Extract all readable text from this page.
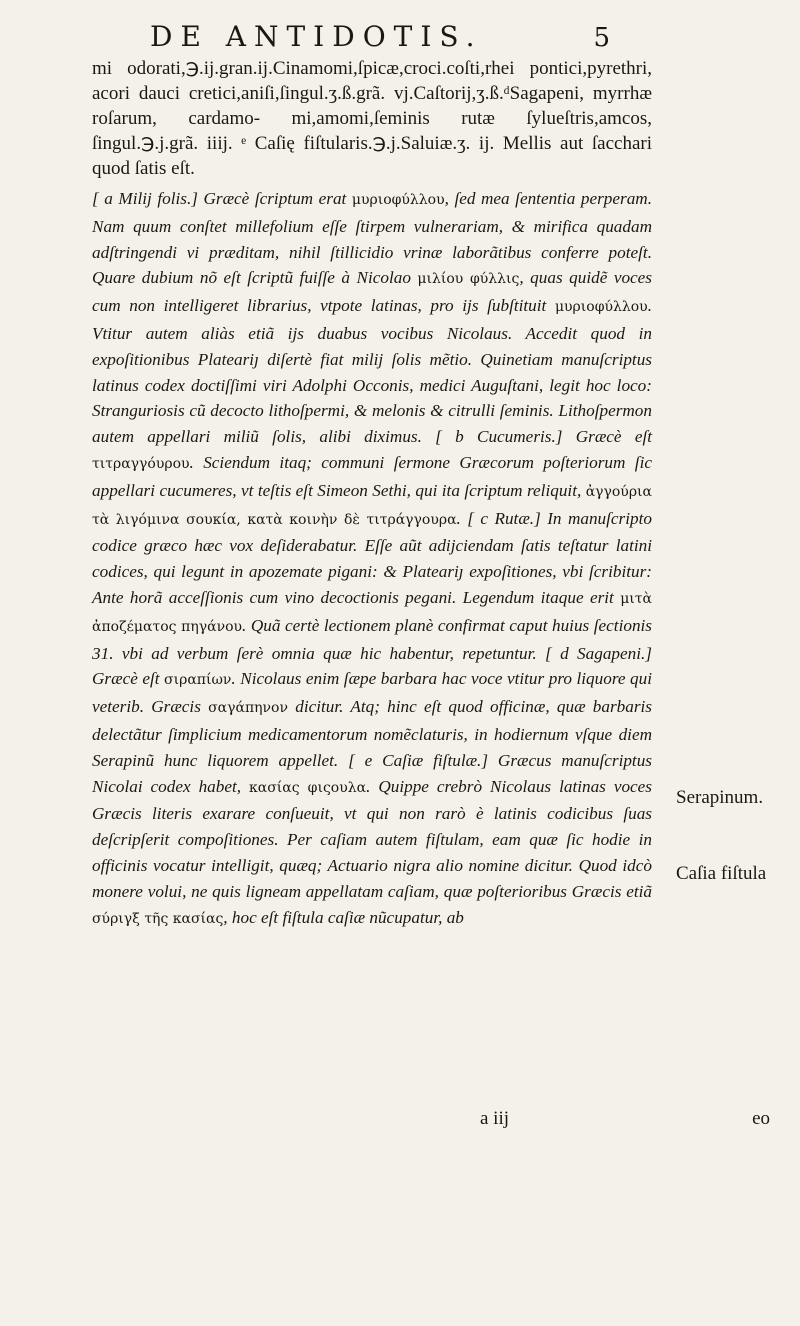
DE ANTIDOTIS.	5

mi odorati,℈.ij.gran.ij.Cinamomi,ſpicæ,croci.coſti,rhei pontici,pyrethri, acori dauci cretici,aniſi,ſingul.ʒ.ß.grã. vj.Caſtorij,ʒ.ß.ᵈSagapeni, myrrhæ roſarum, cardamo- mi,amomi,ſeminis rutæ ſylueſtris,amcos, ſingul.℈.j.grã. iiij. ᵉ Caſię fiſtularis.℈.j.Saluiæ.ʒ. ij. Mellis aut ſacchari quod ſatis eſt.

[ a Milij folis.] Græcè ſcriptum erat μυριοφύλλου, ſed mea ſententia perperam. Nam quum conſtet millefolium eſſe ſtirpem vulnerariam, & mirifica quadam adſtringendi vi præditam, nihil ſtillicidio vrinæ laborãtibus conferre poteſt. Quare dubium nõ eſt ſcriptũ fuiſſe à Nicolao μιλίου φύλλις, quas quidẽ voces cum non intelligeret librarius, vtpote latinas, pro ijs ſubſtituit μυριοφύλλου. Vtitur autem aliàs etiã ijs duabus vocibus Nicolaus. Accedit quod in expoſitionibus Plateariȷ diſertè fiat milij ſolis mẽtio. Quinetiam manuſcriptus latinus codex doctiſſimi viri Adolphi Occonis, medici Auguſtani, legit hoc loco: Stranguriosis cũ decocto lithoſpermi, & melonis & citrulli ſeminis. Lithoſpermon autem appellari miliũ ſolis, alibi diximus. [ b Cucumeris.] Græcè eſt τιτραγγόυρου. Sciendum itaq; communi ſermone Græcorum poſteriorum ſic appellari cucumeres, vt teſtis eſt Simeon Sethi, qui ita ſcriptum reliquit, ἀγγούρια τὰ λιγόμινα σουκία, κατὰ κοινὴν δὲ τιτράγγουρα. [ c Rutæ.] In manuſcripto codice græco hæc vox deſiderabatur. Eſſe aũt adijciendam ſatis teſtatur latini codices, qui legunt in apozemate pigani: & Plateariȷ expoſitiones, vbi ſcribitur: Ante horã acceſſionis cum vino decoctionis pegani. Legendum itaque erit μιτὰ ἀποζέματος πηγάνου. Quã certè lectionem planè confirmat caput huius ſectionis 31. vbi ad verbum ſerè omnia quæ hic habentur, repetuntur. [ d Sagapeni.] Græcè eſt σιραπίων. Nicolaus enim ſæpe barbara hac voce vtitur pro liquore qui veterib. Græcis σαγάπηνον dicitur. Atq; hinc eſt quod officinæ, quæ barbaris delectãtur ſimplicium medicamentorum nomẽclaturis, in hodiernum vſque diem Serapinũ hunc liquorem appellet. [ e Caſiæ fiſtulæ.] Græcus manuſcriptus Nicolai codex habet, κασίας φιςουλα. Quippe crebrò Nicolaus latinas voces Græcis literis exarare conſueuit, vt qui non rarò è latinis codicibus ſuas deſcripſerit compoſitiones. Per caſiam autem fiſtulam, eam quæ ſic hodie in officinis vocatur intelligit, quæq; Actuario nigra alio nomine dicitur. Quod idcò monere volui, ne quis ligneam appellatam caſiam, quæ poſterioribus Græcis etiã σύριγξ τῆς κασίας, hoc eſt fiſtula caſiæ nũcupatur, ab

Serapinum.
Caſia fiſtula
a iij	eo
